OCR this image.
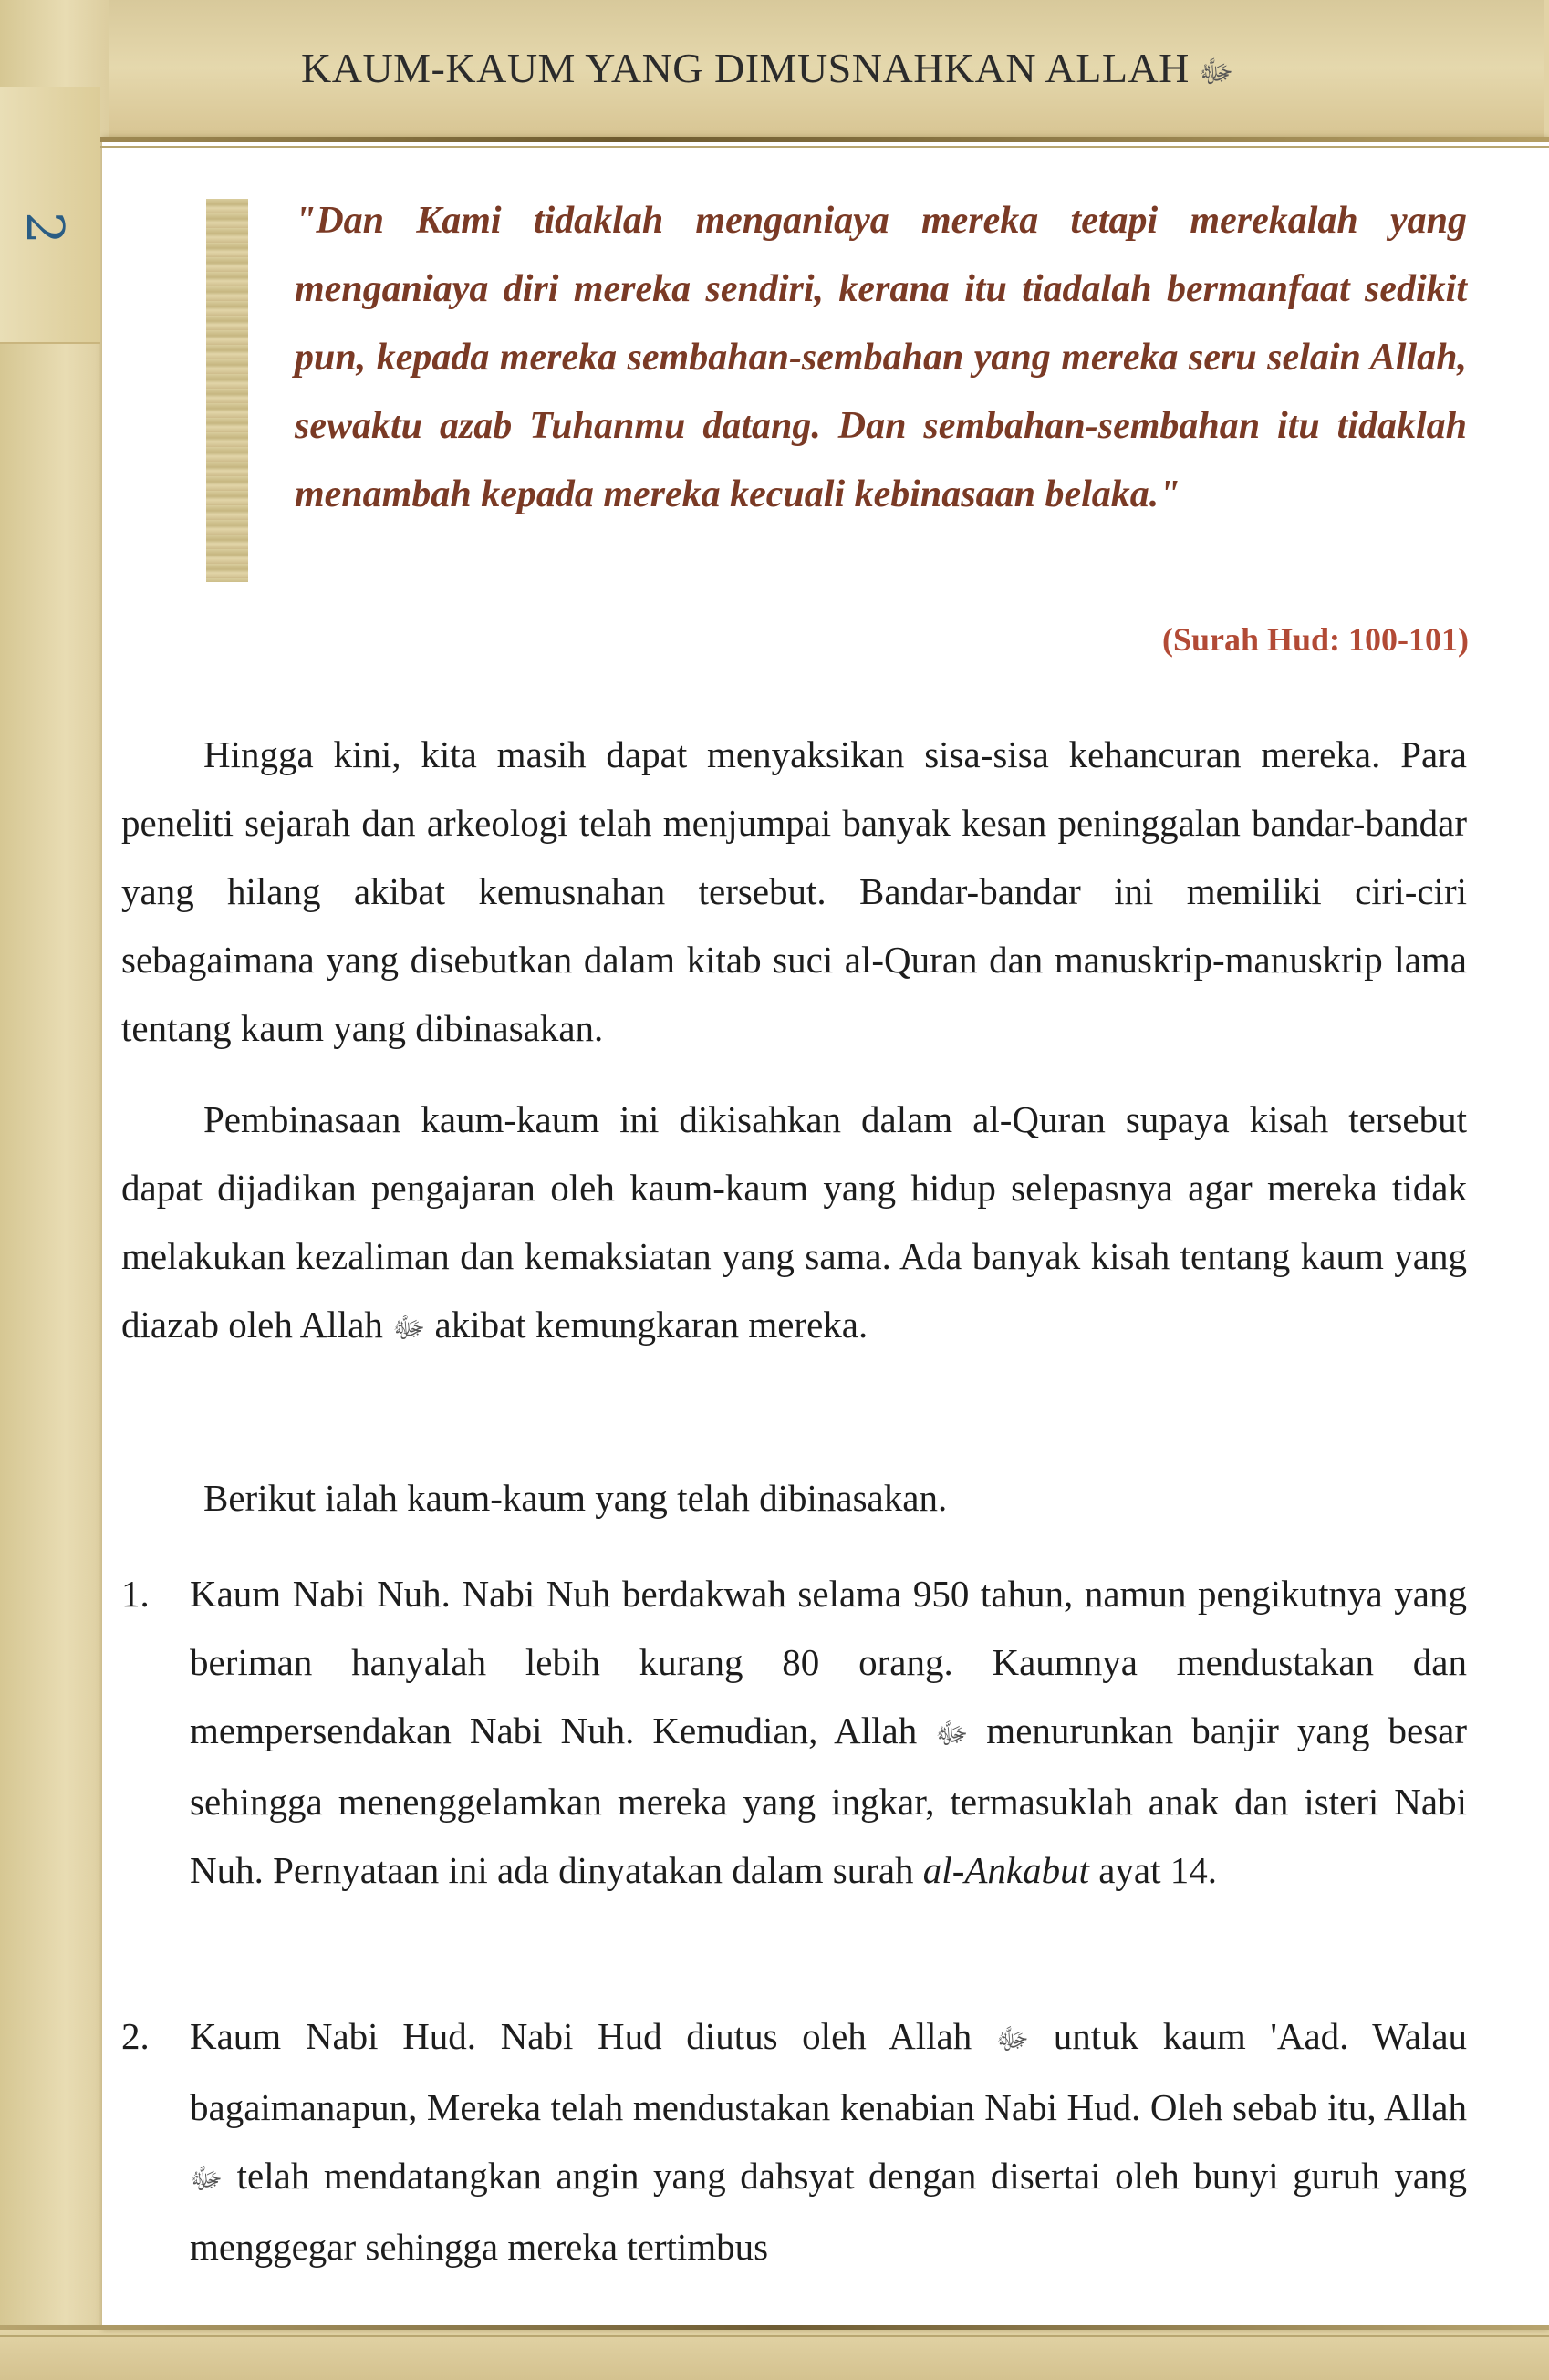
2
KAUM-KAUM YANG DIMUSNAHKAN ALLAH ﷻ
"Dan Kami tidaklah menganiaya mereka tetapi merekalah yang menganiaya diri mereka sendiri, kerana itu tiadalah bermanfaat sedikit pun, kepada mereka sembahan-sembahan yang mereka seru selain Allah, sewaktu azab Tuhanmu datang. Dan sembahan-sembahan itu tidaklah menambah kepada mereka kecuali kebinasaan belaka."
(Surah Hud: 100-101)
Hingga kini, kita masih dapat menyaksikan sisa-sisa kehancuran mereka. Para peneliti sejarah dan arkeologi telah menjumpai banyak kesan peninggalan bandar-bandar yang hilang akibat kemusnahan tersebut. Bandar-bandar ini memiliki ciri-ciri sebagaimana yang disebutkan dalam kitab suci al-Quran dan manuskrip-manuskrip lama tentang kaum yang dibinasakan.
Pembinasaan kaum-kaum ini dikisahkan dalam al-Quran supaya kisah tersebut dapat dijadikan pengajaran oleh kaum-kaum yang hidup selepasnya agar mereka tidak melakukan kezaliman dan kemaksiatan yang sama. Ada banyak kisah tentang kaum yang diazab oleh Allah ﷻ akibat kemungkaran mereka.
Berikut ialah kaum-kaum yang telah dibinasakan.
1.	Kaum Nabi Nuh. Nabi Nuh berdakwah selama 950 tahun, namun pengikutnya yang beriman hanyalah lebih kurang 80 orang. Kaumnya mendustakan dan mempersendakan Nabi Nuh. Kemudian, Allah ﷻ menurunkan banjir yang besar sehingga menenggelamkan mereka yang ingkar, termasuklah anak dan isteri Nabi Nuh. Pernyataan ini ada dinyatakan dalam surah al-Ankabut ayat 14.
2.	Kaum Nabi Hud. Nabi Hud diutus oleh Allah ﷻ untuk kaum 'Aad. Walau bagaimanapun, Mereka telah mendustakan kenabian Nabi Hud. Oleh sebab itu, Allah ﷻ telah mendatangkan angin yang dahsyat dengan disertai oleh bunyi guruh yang menggegar sehingga mereka tertimbus
